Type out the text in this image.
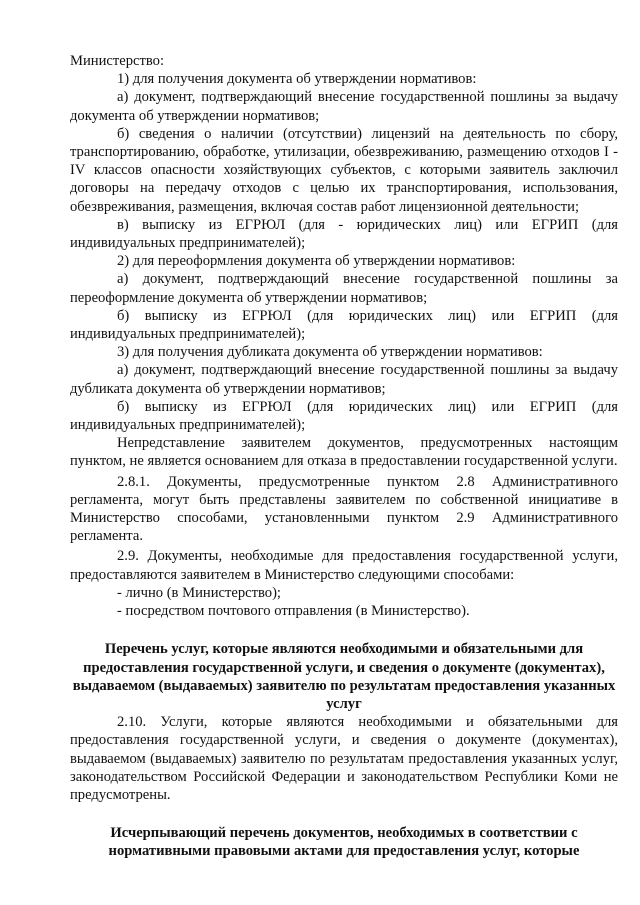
Министерство:

1) для получения документа об утверждении нормативов:

а) документ, подтверждающий внесение государственной пошлины за выдачу документа об утверждении нормативов;

б) сведения о наличии (отсутствии) лицензий на деятельность по сбору, транспортированию, обработке, утилизации, обезвреживанию, размещению отходов I - IV классов опасности хозяйствующих субъектов, с которыми заявитель заключил договоры на передачу отходов с целью их транспортирования, использования, обезвреживания, размещения, включая состав работ лицензионной деятельности;

в) выписку из ЕГРЮЛ (для - юридических лиц) или ЕГРИП (для индивидуальных предпринимателей);

2) для переоформления документа об утверждении нормативов:

а) документ, подтверждающий внесение государственной пошлины за переоформление документа об утверждении нормативов;

б) выписку из ЕГРЮЛ (для юридических лиц) или ЕГРИП (для индивидуальных предпринимателей);

3) для получения дубликата документа об утверждении нормативов:

а) документ, подтверждающий внесение государственной пошлины за выдачу дубликата документа об утверждении нормативов;

б) выписку из ЕГРЮЛ (для юридических лиц) или ЕГРИП (для индивидуальных предпринимателей);

Непредставление заявителем документов, предусмотренных настоящим пунктом, не является основанием для отказа в предоставлении государственной услуги.

2.8.1. Документы, предусмотренные пунктом 2.8 Административного регламента, могут быть представлены заявителем по собственной инициативе в Министерство способами, установленными пунктом 2.9 Административного регламента.

2.9. Документы, необходимые для предоставления государственной услуги, предоставляются заявителем в Министерство следующими способами:

- лично (в Министерство);

- посредством почтового отправления (в Министерство).

Перечень услуг, которые являются необходимыми и обязательными для предоставления государственной услуги, и сведения о документе (документах), выдаваемом (выдаваемых) заявителю по результатам предоставления указанных услуг

2.10. Услуги, которые являются необходимыми и обязательными для предоставления государственной услуги, и сведения о документе (документах), выдаваемом (выдаваемых) заявителю по результатам предоставления указанных услуг, законодательством Российской Федерации и законодательством Республики Коми не предусмотрены.

Исчерпывающий перечень документов, необходимых в соответствии с нормативными правовыми актами для предоставления услуг, которые
